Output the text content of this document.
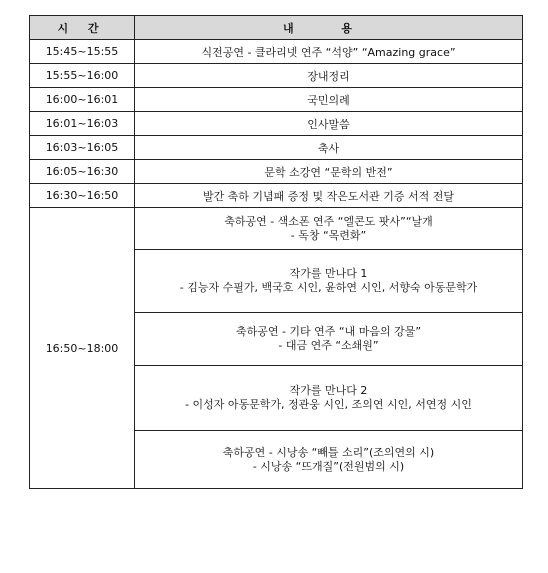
시 간	내 용
15:45~15:55	식전공연 - 클라리넷 연주 “석양” “Amazing grace”
15:55~16:00	장내정리
16:00~16:01	국민의례
16:01~16:03	인사말씀
16:03~16:05	축사
16:05~16:30	문학 소강연 “문학의 반전”
16:30~16:50	발간 축하 기념패 증정 및 작은도서관 기증 서적 전달
16:50~18:00	축하공연 - 색소폰 연주 “엘콘도 팟사”“날개
- 독창 “목련화”

	작가를 만나다 1
- 김능자 수필가, 백국호 시인, 윤하연 시인, 서향숙 아동문학가

	축하공연 - 기타 연주 “내 마음의 강물”
- 대금 연주 “소쇄원”

	작가를 만나다 2
- 이성자 아동문학가, 정관웅 시인, 조의연 시인, 서연정 시인

	축하공연 - 시낭송 “빼틀 소리”(조의연의 시)
- 시낭송 “뜨개질”(전원범의 시)
